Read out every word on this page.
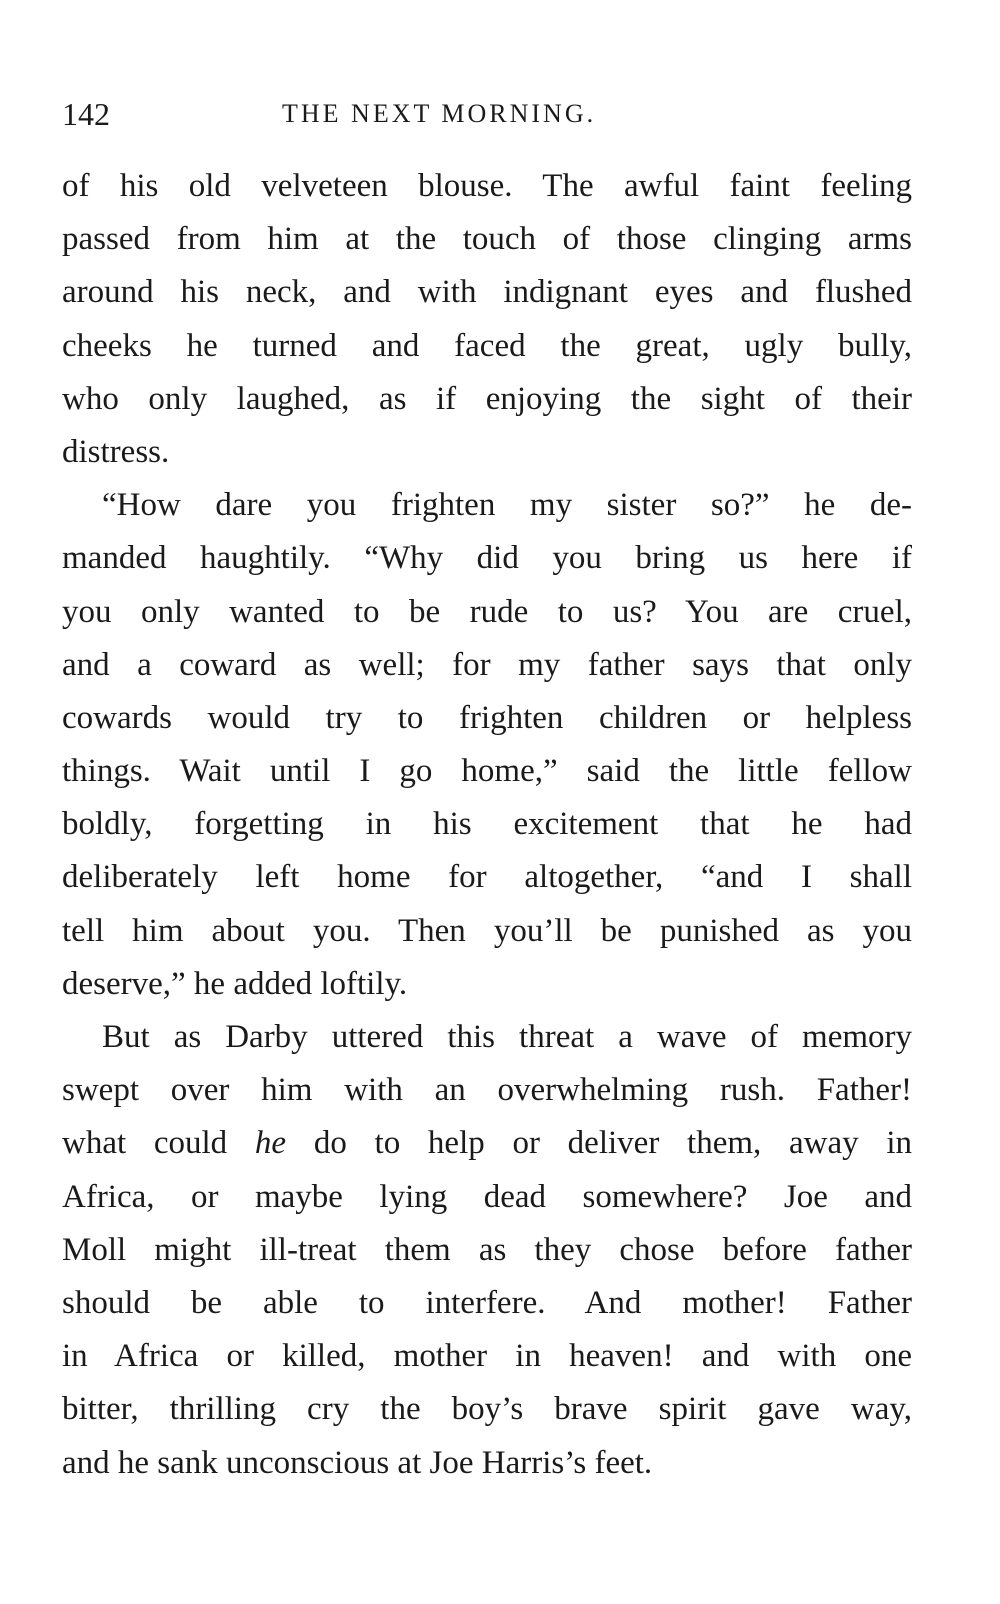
142	THE NEXT MORNING.
of his old velveteen blouse. The awful faint feeling
passed from him at the touch of those clinging arms
around his neck, and with indignant eyes and flushed
cheeks he turned and faced the great, ugly bully,
who only laughed, as if enjoying the sight of their
distress.
“How dare you frighten my sister so?” he de-
manded haughtily. “Why did you bring us here if
you only wanted to be rude to us? You are cruel,
and a coward as well; for my father says that only
cowards would try to frighten children or helpless
things. Wait until I go home,” said the little fellow
boldly, forgetting in his excitement that he had
deliberately left home for altogether, “and I shall
tell him about you. Then you’ll be punished as you
deserve,” he added loftily.
But as Darby uttered this threat a wave of memory
swept over him with an overwhelming rush. Father!
what could he do to help or deliver them, away in
Africa, or maybe lying dead somewhere? Joe and
Moll might ill-treat them as they chose before father
should be able to interfere. And mother! Father
in Africa or killed, mother in heaven! and with one
bitter, thrilling cry the boy’s brave spirit gave way,
and he sank unconscious at Joe Harris’s feet.
